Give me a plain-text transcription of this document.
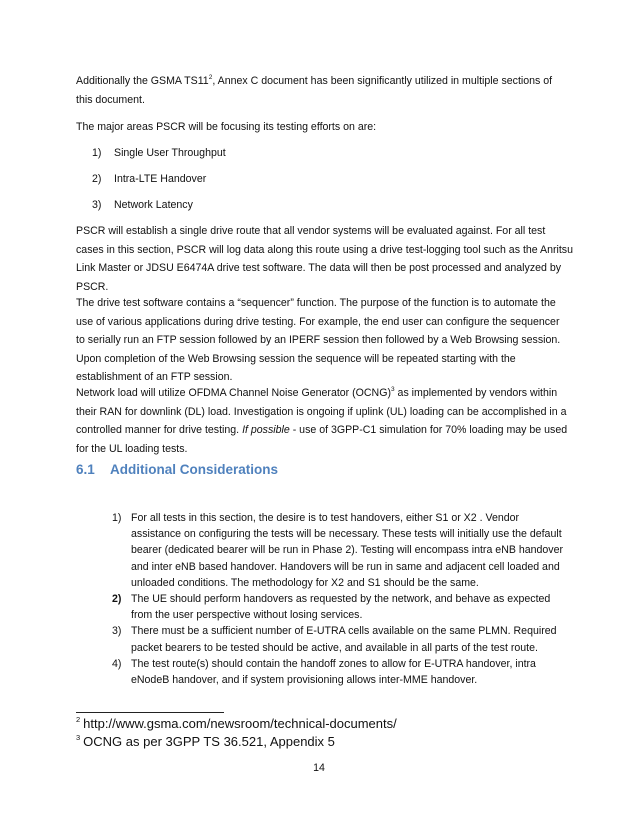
Additionally the GSMA $TS11^2$, Annex C document has been significantly utilized in multiple sections of
this document.

The major areas PSCR will be focusing its testing efforts on are:

1) Single User Throughput
2) Intra-LTE Handover
3) Network Latency

PSCR will establish a single drive route that all vendor systems will be evaluated against. For all test
cases in this section, PSCR will log data along this route using a drive test-logging tool such as the Anritsu
Link Master or JDSU E6474A drive test software. The data will then be post processed and analyzed by
PSCR.

The drive test software contains a “sequencer” function. The purpose of the function is to automate the
use of various applications during drive testing. For example, the end user can configure the sequencer
to serially run an FTP session followed by an IPERF session then followed by a Web Browsing session.
Upon completion of the Web Browsing session the sequence will be repeated starting with the
establishment of an FTP session.

Network load will utilize OFDMA Channel Noise Generator (OCNG)$^3$ as implemented by vendors within
their RAN for downlink (DL) load. Investigation is ongoing if uplink (UL) loading can be accomplished in a
controlled manner for drive testing. If possible - use of 3GPP-C1 simulation for 70% loading may be used
for the UL loading tests.

6.1 Additional Considerations
1) For all tests in this section, the desire is to test handovers, either S1 or X2 . Vendor assistance on configuring the tests will be necessary. These tests will initially use the default bearer (dedicated bearer will be run in Phase 2). Testing will encompass intra eNB handover and inter eNB based handover. Handovers will be run in same and adjacent cell loaded and unloaded conditions. The methodology for X2 and S1 should be the same.
2) The UE should perform handovers as requested by the network, and behave as expected from the user perspective without losing services.
3) There must be a sufficient number of E-UTRA cells available on the same PLMN. Required packet bearers to be tested should be active, and available in all parts of the test route.
4) The test route(s) should contain the handoff zones to allow for E-UTRA handover, intra eNodeB handover, and if system provisioning allows inter-MME handover.
$^2$ http://www.gsma.com/newsroom/technical-documents/
$^3$ OCNG as per 3GPP TS 36.521, Appendix 5
14
